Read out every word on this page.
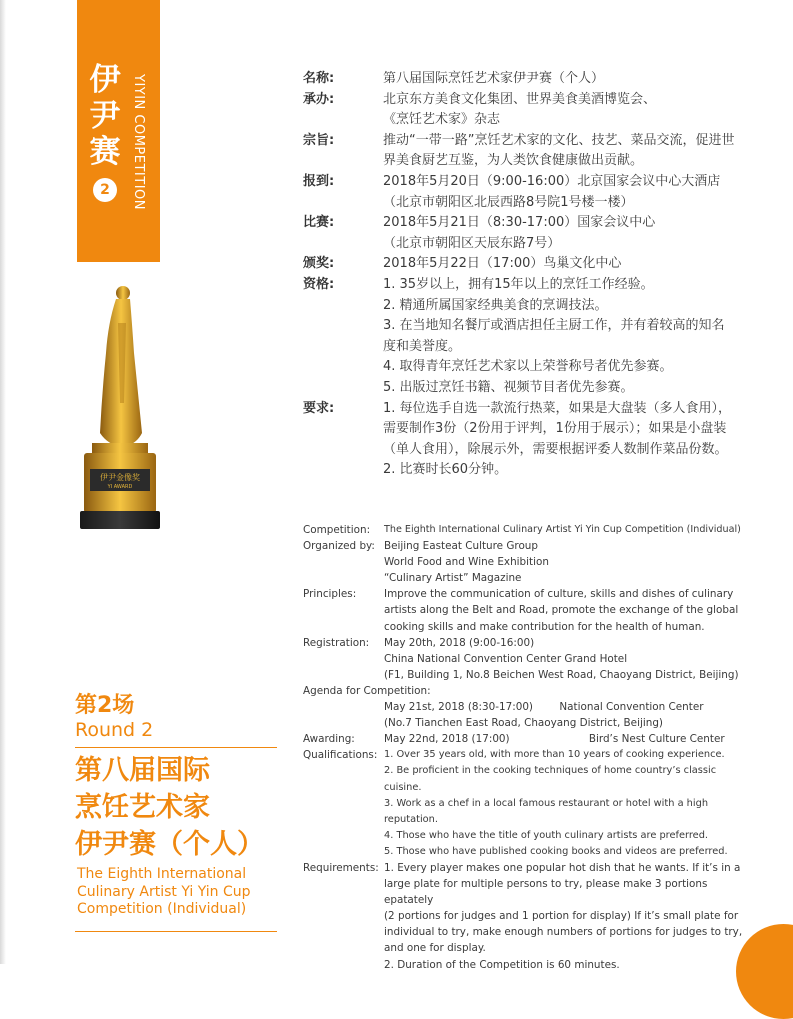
伊尹赛
2	YIYIN COMPETITION
伊尹金像奖
YI AWARD
名称:	第八届国际烹饪艺术家伊尹赛（个人）
承办:	北京东方美食文化集团、世界美食美酒博览会、
《烹饪艺术家》杂志
宗旨:	推动“一带一路”烹饪艺术家的文化、技艺、菜品交流，促进世
界美食厨艺互鉴，为人类饮食健康做出贡献。
报到:	2018年5月20日（9:00-16:00）北京国家会议中心大酒店
（北京市朝阳区北辰西路8号院1号楼一楼）
比赛:	2018年5月21日（8:30-17:00）国家会议中心
（北京市朝阳区天辰东路7号）
颁奖:	2018年5月22日（17:00）鸟巢文化中心
资格:	1. 35岁以上，拥有15年以上的烹饪工作经验。
2. 精通所属国家经典美食的烹调技法。
3. 在当地知名餐厅或酒店担任主厨工作，并有着较高的知名
度和美誉度。
4. 取得青年烹饪艺术家以上荣誉称号者优先参赛。
5. 出版过烹饪书籍、视频节目者优先参赛。
要求:	1. 每位选手自选一款流行热菜，如果是大盘装（多人食用），
需要制作3份（2份用于评判，1份用于展示）；如果是小盘装
（单人食用），除展示外，需要根据评委人数制作菜品份数。
2. 比赛时长60分钟。
Competition:	The Eighth International Culinary Artist Yi Yin Cup Competition (Individual)
Organized by: Beijing Easteat Culture Group
World Food and Wine Exhibition
“Culinary Artist” Magazine
Principles:	Improve the communication of culture, skills and dishes of culinary
artists along the Belt and Road, promote the exchange of the global
cooking skills and make contribution for the health of human.
Registration:	May 20th, 2018 (9:00-16:00)
China National Convention Center Grand Hotel
(F1, Building 1, No.8 Beichen West Road, Chaoyang District, Beijing)
Agenda for Competition:
May 21st, 2018 (8:30-17:00)        National Convention Center
(No.7 Tianchen East Road, Chaoyang District, Beijing)
Awarding:	May 22nd, 2018 (17:00)                        Bird’s Nest Culture Center
Qualifications: 1. Over 35 years old, with more than 10 years of cooking experience.
2. Be proficient in the cooking techniques of home country’s classic cuisine.
3. Work as a chef in a local famous restaurant or hotel with a high reputation.
4. Those who have the title of youth culinary artists are preferred.
5. Those who have published cooking books and videos are preferred.
Requirements: 1. Every player makes one popular hot dish that he wants. If it’s in a
large plate for multiple persons to try, please make 3 portions epatately
(2 portions for judges and 1 portion for display) If it’s small plate for
individual to try, make enough numbers of portions for judges to try,
and one for display.
2. Duration of the Competition is 60 minutes.
第2场
Round 2
第八届国际
烹饪艺术家
伊尹赛（个人）
The Eighth International
Culinary Artist Yi Yin Cup
Competition (Individual)
